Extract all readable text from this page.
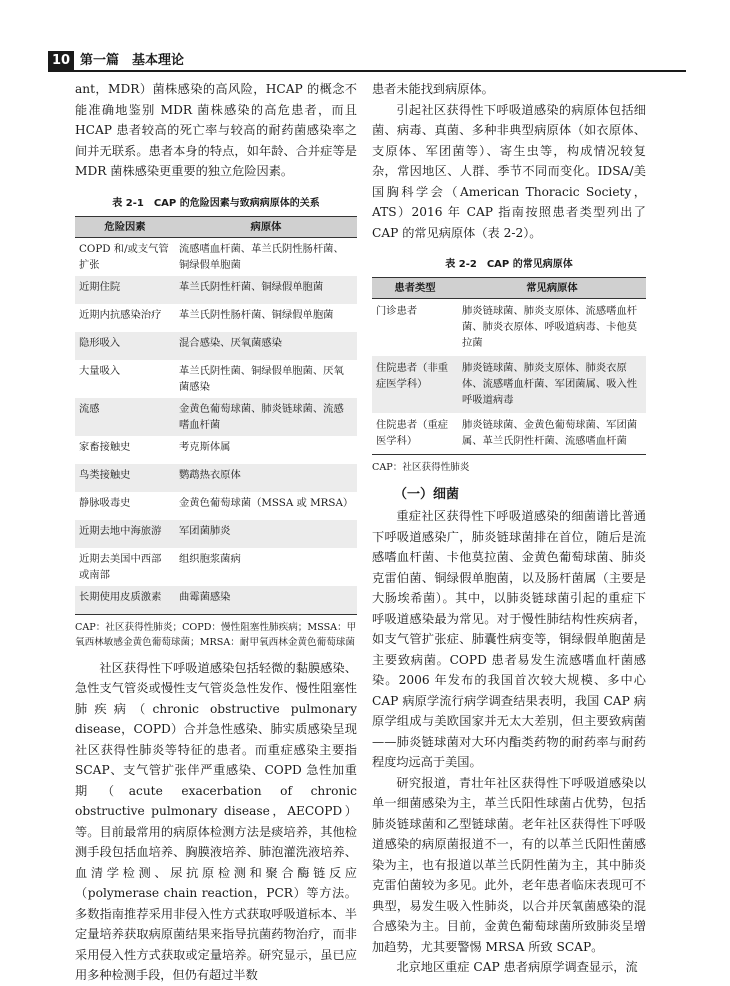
10 第一篇　基本理论

ant，MDR）菌株感染的高风险，HCAP 的概念不能准确地鉴别 MDR 菌株感染的高危患者，而且 HCAP 患者较高的死亡率与较高的耐药菌感染率之间并无联系。患者本身的特点，如年龄、合并症等是 MDR 菌株感染更重要的独立危险因素。

表 2-1　CAP 的危险因素与致病病原体的关系
危险因素	病原体
COPD 和/或支气管扩张	流感嗜血杆菌、革兰氏阴性肠杆菌、铜绿假单胞菌
近期住院	革兰氏阴性杆菌、铜绿假单胞菌
近期内抗感染治疗	革兰氏阴性肠杆菌、铜绿假单胞菌
隐形吸入	混合感染、厌氧菌感染
大量吸入	革兰氏阴性菌、铜绿假单胞菌、厌氧菌感染
流感	金黄色葡萄球菌、肺炎链球菌、流感嗜血杆菌
家畜接触史	考克斯体属
鸟类接触史	鹦鹉热衣原体
静脉吸毒史	金黄色葡萄球菌（MSSA 或 MRSA）
近期去地中海旅游	军团菌肺炎
近期去美国中西部或南部	组织胞浆菌病
长期使用皮质激素	曲霉菌感染

CAP：社区获得性肺炎；COPD：慢性阻塞性肺疾病；MSSA：甲氧西林敏感金黄色葡萄球菌；MRSA：耐甲氧西林金黄色葡萄球菌

社区获得性下呼吸道感染包括轻微的黏膜感染、急性支气管炎或慢性支气管炎急性发作、慢性阻塞性肺疾病（chronic obstructive pulmonary disease，COPD）合并急性感染、肺实质感染呈现社区获得性肺炎等特征的患者。而重症感染主要指 SCAP、支气管扩张伴严重感染、COPD 急性加重期（acute exacerbation of chronic obstructive pulmonary disease，AECOPD）等。目前最常用的病原体检测方法是痰培养，其他检测手段包括血培养、胸膜液培养、肺泡灌洗液培养、血清学检测、尿抗原检测和聚合酶链反应（polymerase chain reaction，PCR）等方法。多数指南推荐采用非侵入性方式获取呼吸道标本、半定量培养获取病原菌结果来指导抗菌药物治疗，而非采用侵入性方式获取或定量培养。研究显示，虽已应用多种检测手段，但仍有超过半数

患者未能找到病原体。

引起社区获得性下呼吸道感染的病原体包括细菌、病毒、真菌、多种非典型病原体（如衣原体、支原体、军团菌等）、寄生虫等，构成情况较复杂，常因地区、人群、季节不同而变化。IDSA/美国胸科学会（American Thoracic Society，ATS）2016 年 CAP 指南按照患者类型列出了 CAP 的常见病原体（表 2-2）。

表 2-2　CAP 的常见病原体
患者类型	常见病原体
门诊患者	肺炎链球菌、肺炎支原体、流感嗜血杆菌、肺炎衣原体、呼吸道病毒、卡他莫拉菌
住院患者（非重症医学科）	肺炎链球菌、肺炎支原体、肺炎衣原体、流感嗜血杆菌、军团菌属、吸入性呼吸道病毒
住院患者（重症医学科）	肺炎链球菌、金黄色葡萄球菌、军团菌属、革兰氏阴性杆菌、流感嗜血杆菌

CAP：社区获得性肺炎

（一）细菌

重症社区获得性下呼吸道感染的细菌谱比普通下呼吸道感染广，肺炎链球菌排在首位，随后是流感嗜血杆菌、卡他莫拉菌、金黄色葡萄球菌、肺炎克雷伯菌、铜绿假单胞菌，以及肠杆菌属（主要是大肠埃希菌）。其中，以肺炎链球菌引起的重症下呼吸道感染最为常见。对于慢性肺结构性疾病者，如支气管扩张症、肺囊性病变等，铜绿假单胞菌是主要致病菌。COPD 患者易发生流感嗜血杆菌感染。2006 年发布的我国首次较大规模、多中心 CAP 病原学流行病学调查结果表明，我国 CAP 病原学组成与美欧国家并无太大差别，但主要致病菌——肺炎链球菌对大环内酯类药物的耐药率与耐药程度均远高于美国。

研究报道，青壮年社区获得性下呼吸道感染以单一细菌感染为主，革兰氏阳性球菌占优势，包括肺炎链球菌和乙型链球菌。老年社区获得性下呼吸道感染的病原菌报道不一，有的以革兰氏阳性菌感染为主，也有报道以革兰氏阴性菌为主，其中肺炎克雷伯菌较为多见。此外，老年患者临床表现可不典型，易发生吸入性肺炎，以合并厌氧菌感染的混合感染为主。目前，金黄色葡萄球菌所致肺炎呈增加趋势，尤其要警惕 MRSA 所致 SCAP。

北京地区重症 CAP 患者病原学调查显示，流
